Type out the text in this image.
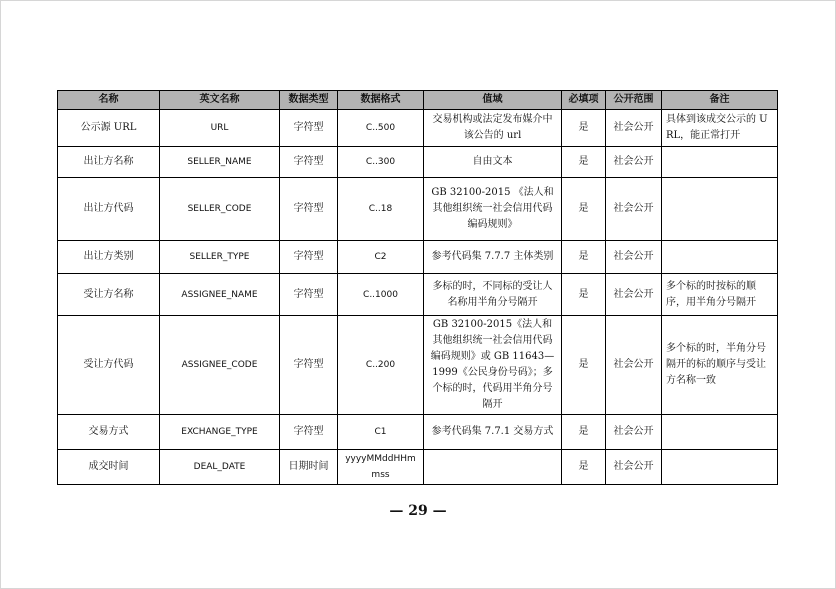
名称	英文名称	数据类型	数据格式	值域	必填项	公开范围	备注
公示源 URL	URL	字符型	C..500	交易机构或法定发布媒介中该公告的 url	是	社会公开	具体到该成交公示的 URL，能正常打开
出让方名称	SELLER_NAME	字符型	C..300	自由文本	是	社会公开	
出让方代码	SELLER_CODE	字符型	C..18	GB 32100-2015 《法人和其他组织统一社会信用代码编码规则》	是	社会公开	
出让方类别	SELLER_TYPE	字符型	C2	参考代码集 7.7.7 主体类别	是	社会公开	
受让方名称	ASSIGNEE_NAME	字符型	C..1000	多标的时，不同标的受让人名称用半角分号隔开	是	社会公开	多个标的时按标的顺序，用半角分号隔开
受让方代码	ASSIGNEE_CODE	字符型	C..200	GB 32100-2015《法人和其他组织统一社会信用代码编码规则》或 GB 11643—1999《公民身份号码》；多个标的时，代码用半角分号隔开	是	社会公开	多个标的时，半角分号隔开的标的顺序与受让方名称一致
交易方式	EXCHANGE_TYPE	字符型	C1	参考代码集 7.7.1 交易方式	是	社会公开	
成交时间	DEAL_DATE	日期时间	yyyyMMddHHmmss		是	社会公开	
— 29 —
